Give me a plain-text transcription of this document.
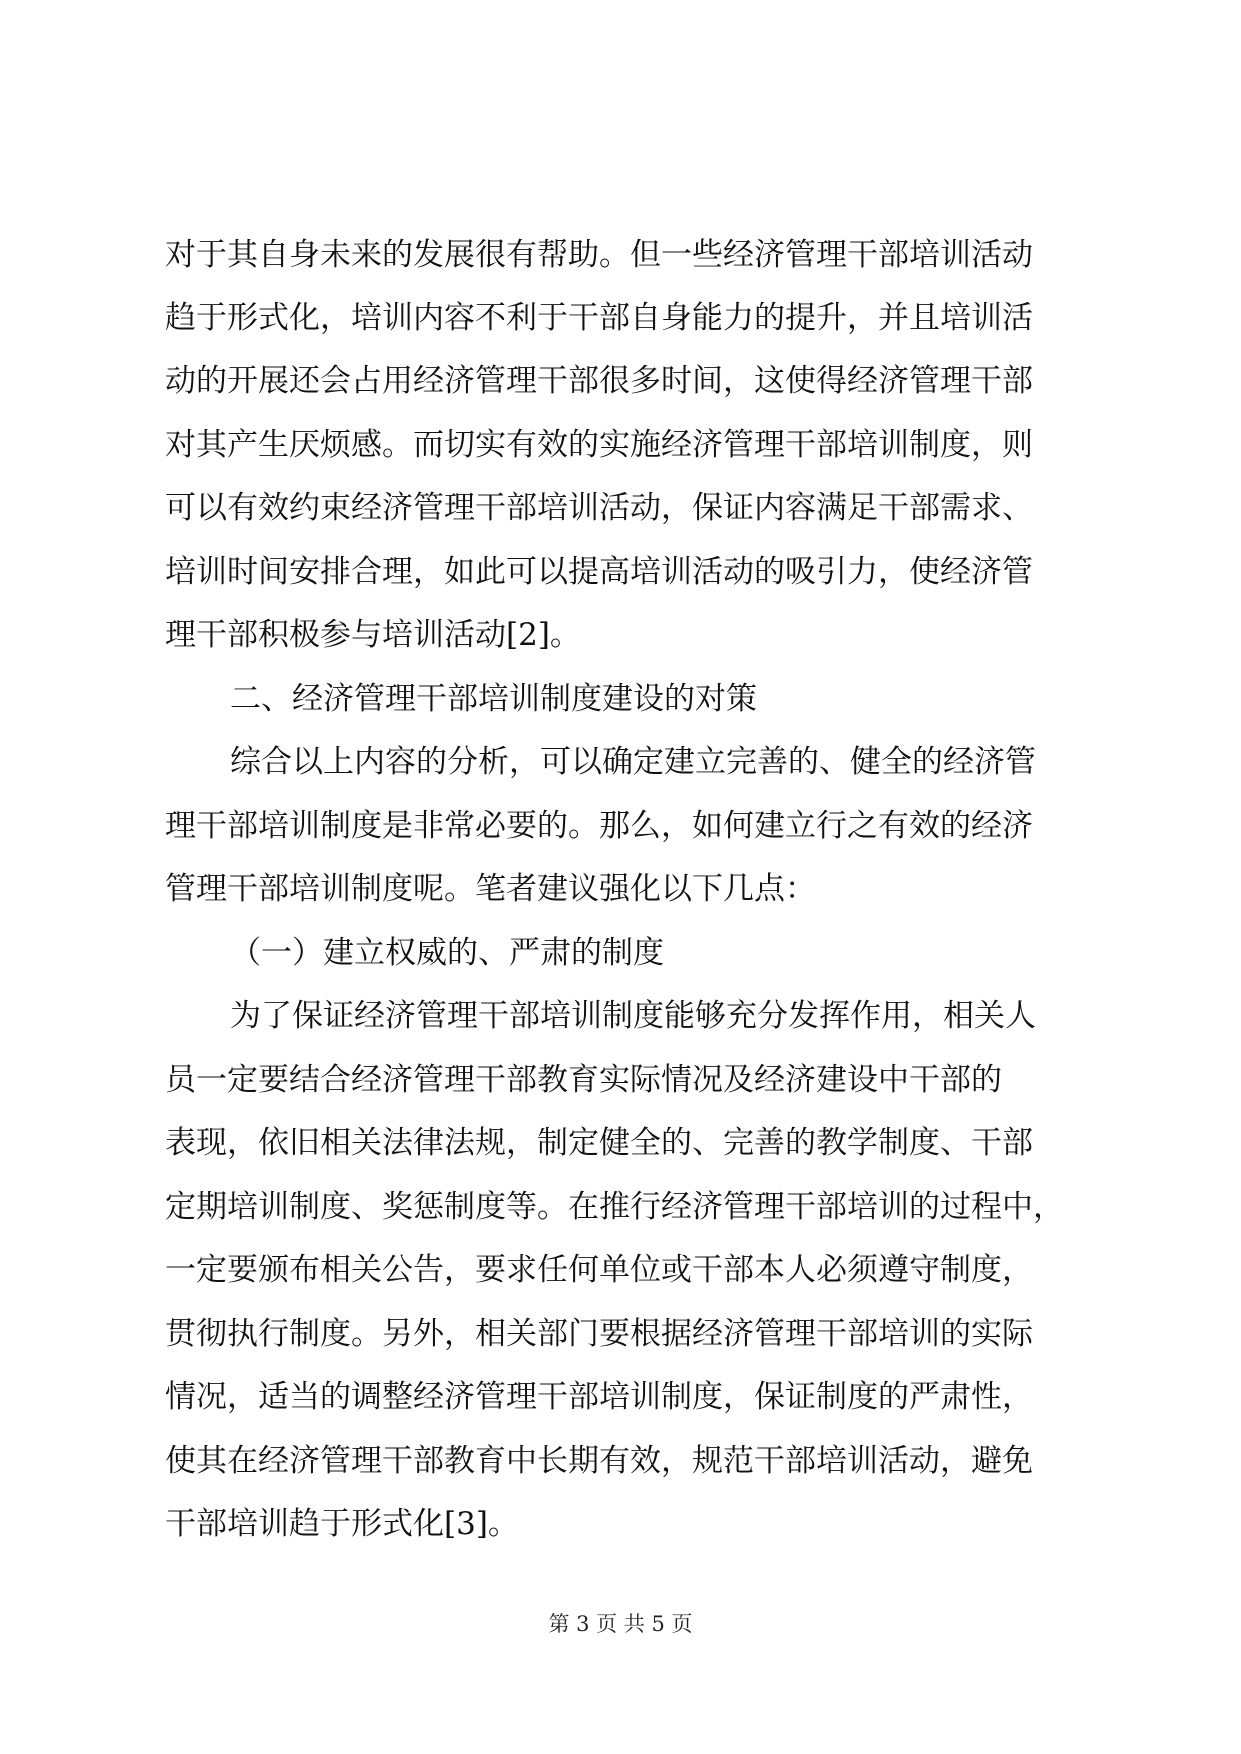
对于其自身未来的发展很有帮助。但一些经济管理干部培训活动
趋于形式化，培训内容不利于干部自身能力的提升，并且培训活
动的开展还会占用经济管理干部很多时间，这使得经济管理干部
对其产生厌烦感。而切实有效的实施经济管理干部培训制度，则
可以有效约束经济管理干部培训活动，保证内容满足干部需求、
培训时间安排合理，如此可以提高培训活动的吸引力，使经济管
理干部积极参与培训活动[2]。
二、经济管理干部培训制度建设的对策
综合以上内容的分析，可以确定建立完善的、健全的经济管
理干部培训制度是非常必要的。那么，如何建立行之有效的经济
管理干部培训制度呢。笔者建议强化以下几点：
（一）建立权威的、严肃的制度
为了保证经济管理干部培训制度能够充分发挥作用，相关人
员一定要结合经济管理干部教育实际情况及经济建设中干部的
表现，依旧相关法律法规，制定健全的、完善的教学制度、干部
定期培训制度、奖惩制度等。在推行经济管理干部培训的过程中，
一定要颁布相关公告，要求任何单位或干部本人必须遵守制度，
贯彻执行制度。另外，相关部门要根据经济管理干部培训的实际
情况，适当的调整经济管理干部培训制度，保证制度的严肃性，
使其在经济管理干部教育中长期有效，规范干部培训活动，避免
干部培训趋于形式化[3]。
第 3 页 共 5 页
